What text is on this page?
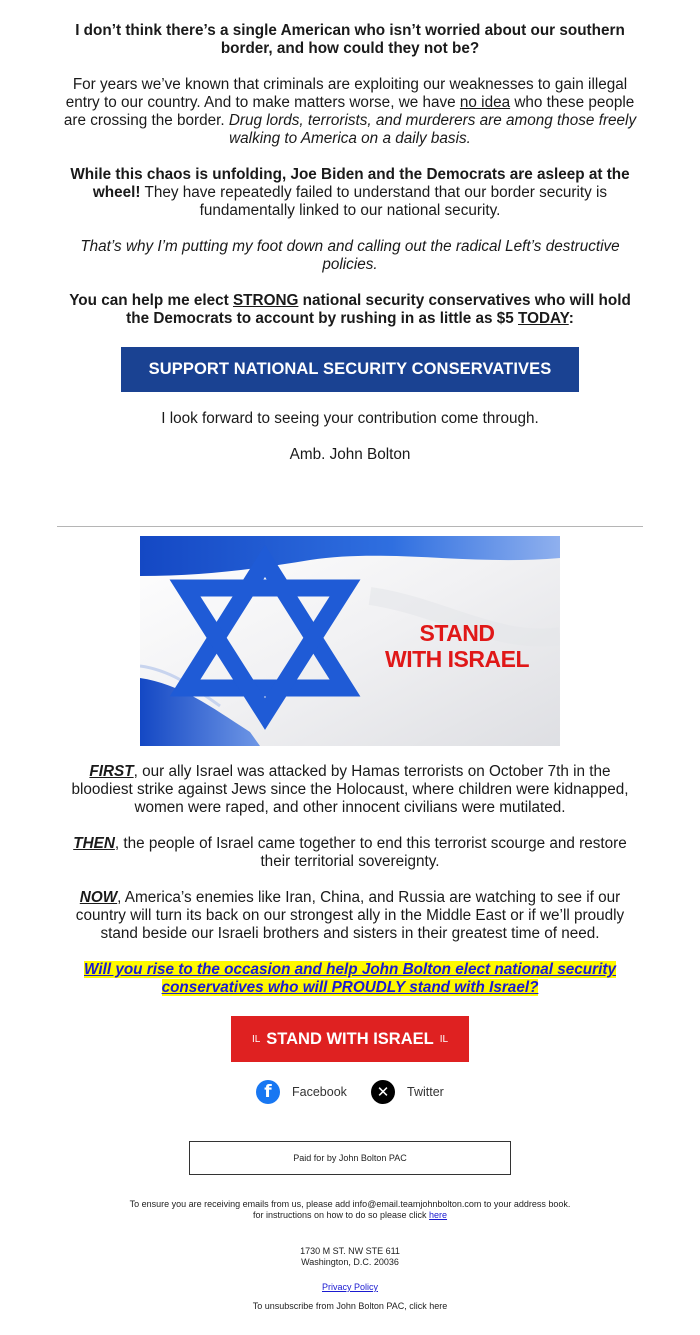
I don’t think there’s a single American who isn’t worried about our southern border, and how could they not be?

For years we’ve known that criminals are exploiting our weaknesses to gain illegal entry to our country. And to make matters worse, we have no idea who these people are crossing the border. Drug lords, terrorists, and murderers are among those freely walking to America on a daily basis.

While this chaos is unfolding, Joe Biden and the Democrats are asleep at the wheel! They have repeatedly failed to understand that our border security is fundamentally linked to our national security.

That’s why I’m putting my foot down and calling out the radical Left’s destructive policies.

You can help me elect STRONG national security conservatives who will hold the Democrats to account by rushing in as little as $5 TODAY:

SUPPORT NATIONAL SECURITY CONSERVATIVES

I look forward to seeing your contribution come through.

Amb. John Bolton

STAND
WITH ISRAEL

FIRST, our ally Israel was attacked by Hamas terrorists on October 7th in the bloodiest strike against Jews since the Holocaust, where children were kidnapped, women were raped, and other innocent civilians were mutilated.

THEN, the people of Israel came together to end this terrorist scourge and restore their territorial sovereignty.

NOW, America’s enemies like Iran, China, and Russia are watching to see if our country will turn its back on our strongest ally in the Middle East or if we’ll proudly stand beside our Israeli brothers and sisters in their greatest time of need.

Will you rise to the occasion and help John Bolton elect national security conservatives who will PROUDLY stand with Israel?

IL STAND WITH ISRAEL IL
f	Facebook	✕	Twitter
Paid for by John Bolton PAC
To ensure you are receiving emails from us, please add info@email.teamjohnbolton.com to your address book.
for instructions on how to do so please click here
1730 M ST. NW STE 611
Washington, D.C. 20036
Privacy Policy
To unsubscribe from John Bolton PAC, click here
